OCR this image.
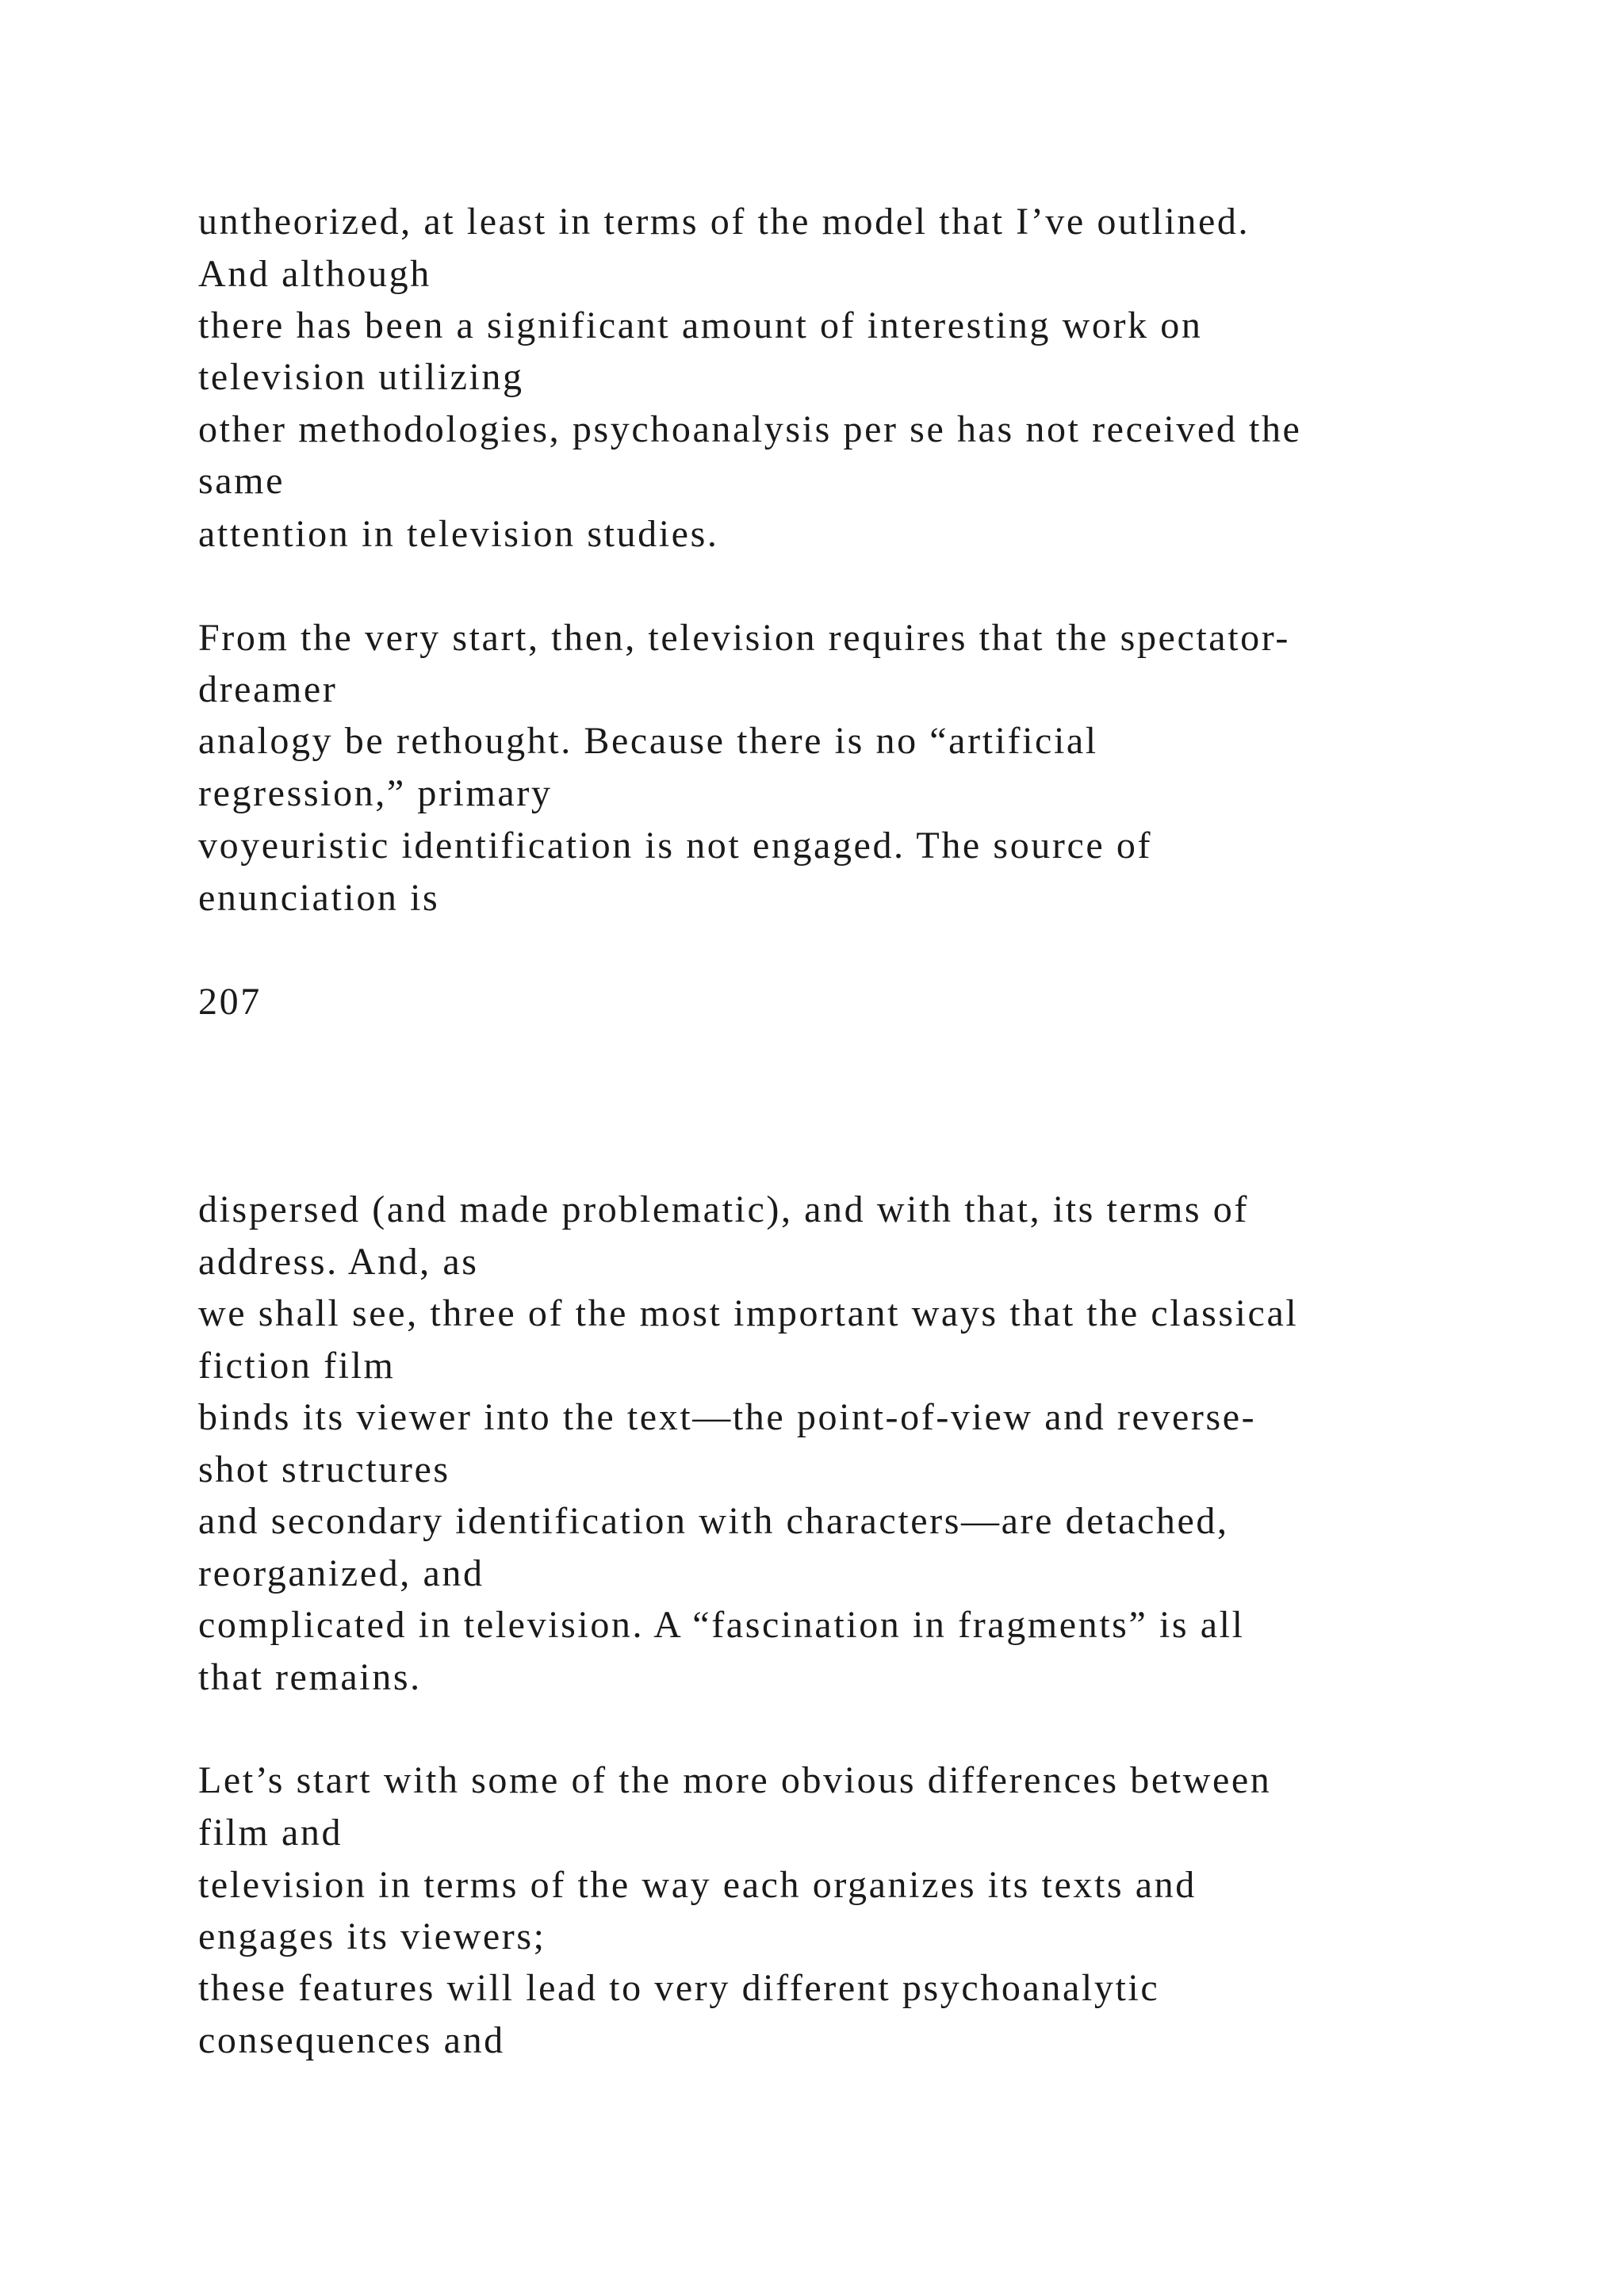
untheorized, at least in terms of the model that I’ve outlined.

And although

there has been a significant amount of interesting work on

television utilizing

other methodologies, psychoanalysis per se has not received the

same

attention in television studies.

From the very start, then, television requires that the spectator-

dreamer

analogy be rethought. Because there is no “artificial

regression,” primary

voyeuristic identification is not engaged. The source of

enunciation is

207

dispersed (and made problematic), and with that, its terms of

address. And, as

we shall see, three of the most important ways that the classical

fiction film

binds its viewer into the text—the point-of-view and reverse-

shot structures

and secondary identification with characters—are detached,

reorganized, and

complicated in television. A “fascination in fragments” is all

that remains.

Let’s start with some of the more obvious differences between

film and

television in terms of the way each organizes its texts and

engages its viewers;

these features will lead to very different psychoanalytic

consequences and
